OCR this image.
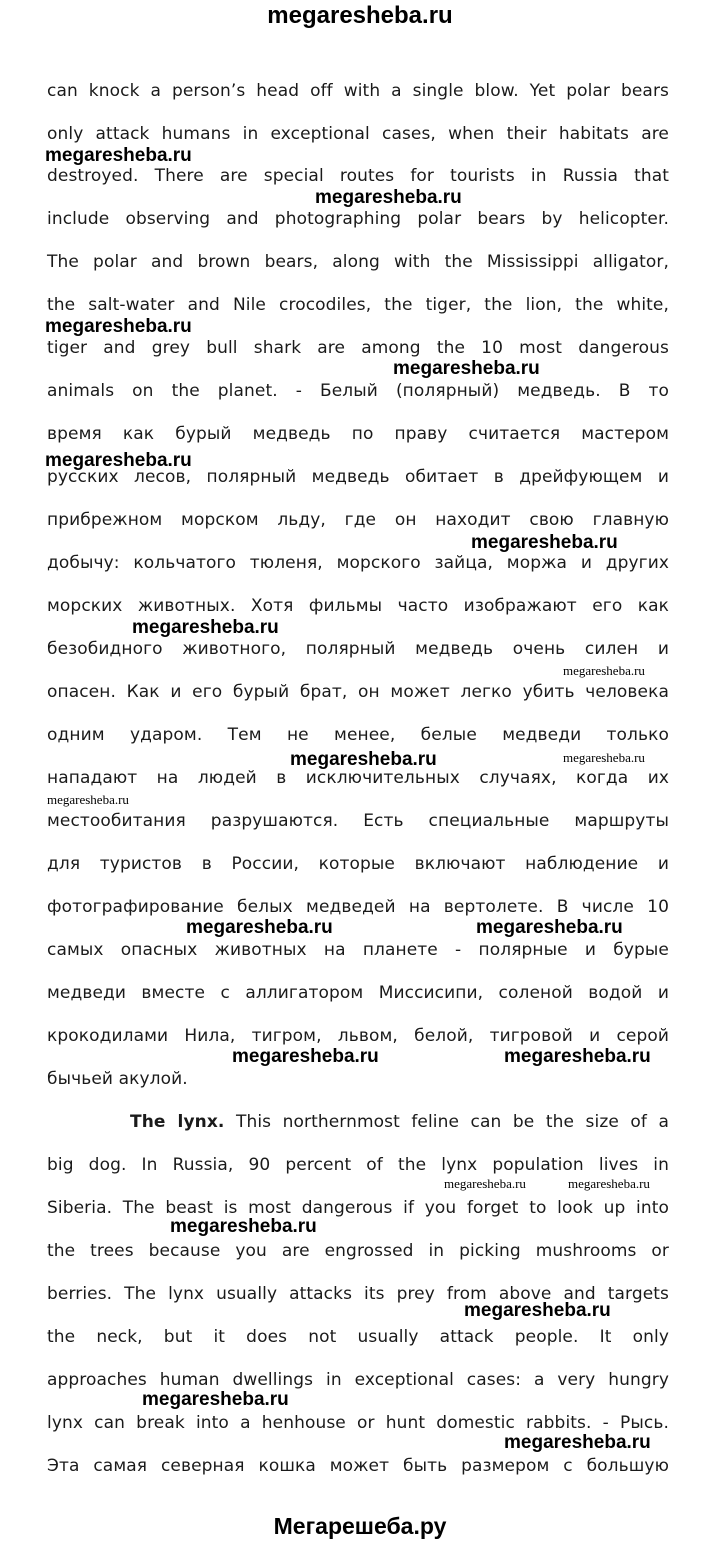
megaresheba.ru
can knock a person’s head off with a single blow. Yet polar bears
only attack humans in exceptional cases, when their habitats are
destroyed. There are special routes for tourists in Russia that
include observing and photographing polar bears by helicopter.
The polar and brown bears, along with the Mississippi alligator,
the salt-water and Nile crocodiles, the tiger, the lion, the white,
tiger and grey bull shark are among the 10 most dangerous
animals on the planet. - Белый (полярный) медведь. В то
время как бурый медведь по праву считается мастером
русских лесов, полярный медведь обитает в дрейфующем и
прибрежном морском льду, где он находит свою главную
добычу: кольчатого тюленя, морского зайца, моржа и других
морских животных. Хотя фильмы часто изображают его как
безобидного животного, полярный медведь очень силен и
опасен. Как и его бурый брат, он может легко убить человека
одним ударом. Тем не менее, белые медведи только
нападают на людей в исключительных случаях, когда их
местообитания разрушаются. Есть специальные маршруты
для туристов в России, которые включают наблюдение и
фотографирование белых медведей на вертолете. В числе 10
самых опасных животных на планете - полярные и бурые
медведи вместе с аллигатором Миссисипи, соленой водой и
крокодилами Нила, тигром, львом, белой, тигровой и серой
бычьей акулой.
The lynx. This northernmost feline can be the size of a
big dog. In Russia, 90 percent of the lynx population lives in
Siberia. The beast is most dangerous if you forget to look up into
the trees because you are engrossed in picking mushrooms or
berries. The lynx usually attacks its prey from above and targets
the neck, but it does not usually attack people. It only
approaches human dwellings in exceptional cases: a very hungry
lynx can break into a henhouse or hunt domestic rabbits. - Рысь.
Эта самая северная кошка может быть размером с большую
megaresheba.ru
megaresheba.ru
megaresheba.ru
megaresheba.ru
megaresheba.ru
megaresheba.ru
megaresheba.ru
megaresheba.ru
megaresheba.ru	megaresheba.ru
megaresheba.ru
megaresheba.ru	megaresheba.ru
megaresheba.ru	megaresheba.ru
megaresheba.ru	megaresheba.ru
megaresheba.ru
megaresheba.ru
megaresheba.ru
megaresheba.ru
Мегарешеба.ру
